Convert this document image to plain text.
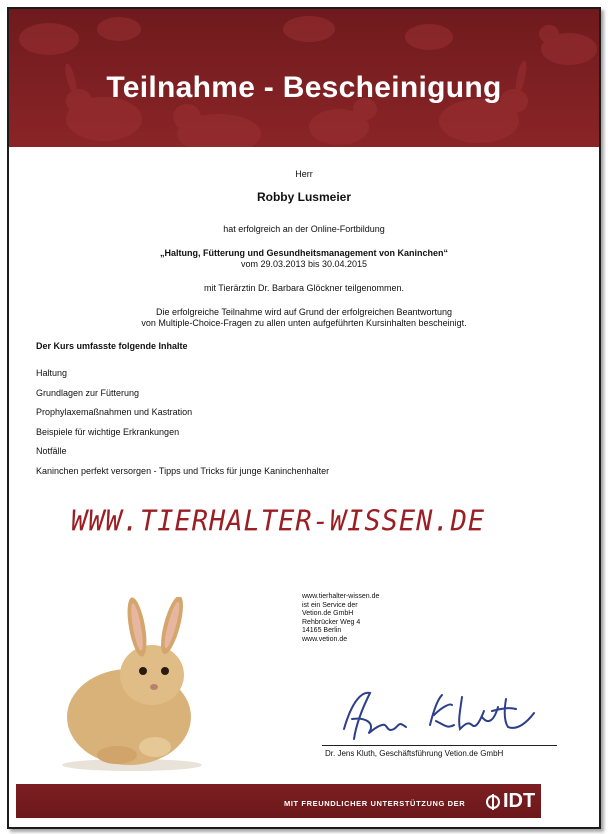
Teilnahme - Bescheinigung
Herr
Robby Lusmeier
hat erfolgreich an der Online-Fortbildung
„Haltung, Fütterung und Gesundheitsmanagement von Kaninchen“
vom 29.03.2013 bis 30.04.2015
mit Tierärztin Dr. Barbara Glöckner teilgenommen.
Die erfolgreiche Teilnahme wird auf Grund der erfolgreichen Beantwortung
von Multiple-Choice-Fragen zu allen unten aufgeführten Kursinhalten bescheinigt.
Der Kurs umfasste folgende Inhalte
Haltung
Grundlagen zur Fütterung
Prophylaxemaßnahmen und Kastration
Beispiele für wichtige Erkrankungen
Notfälle
Kaninchen perfekt versorgen - Tipps und Tricks für junge Kaninchenhalter
WWW.TIERHALTER-WISSEN.DE
www.tierhalter-wissen.de
ist ein Service der
Vetion.de GmbH
Rehbrücker Weg 4
14165 Berlin
www.vetion.de
Dr. Jens Kluth, Geschäftsführung Vetion.de GmbH
MIT FREUNDLICHER UNTERSTÜTZUNG DER IDT
